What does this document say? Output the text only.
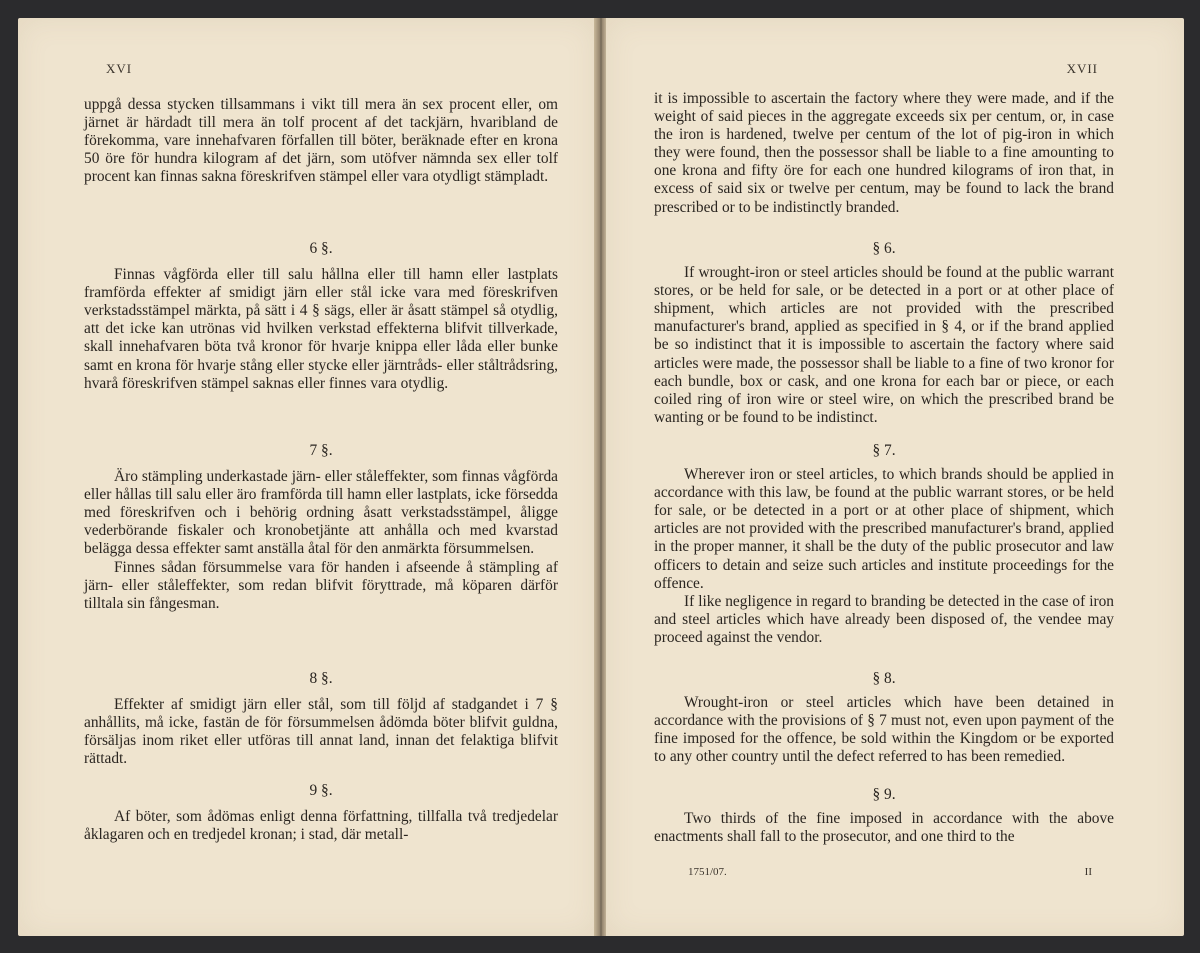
XVI

uppgå dessa stycken tillsammans i vikt till mera än sex procent eller, om järnet är härdadt till mera än tolf procent af det tackjärn, hvaribland de förekomma, vare innehafvaren förfallen till böter, beräknade efter en krona 50 öre för hundra kilogram af det järn, som utöfver nämnda sex eller tolf procent kan finnas sakna föreskrifven stämpel eller vara otydligt stämpladt.

6 §.

Finnas vågförda eller till salu hållna eller till hamn eller lastplats framförda effekter af smidigt järn eller stål icke vara med föreskrifven verkstadsstämpel märkta, på sätt i 4 § sägs, eller är åsatt stämpel så otydlig, att det icke kan utrönas vid hvilken verkstad effekterna blifvit tillverkade, skall innehafvaren böta två kronor för hvarje knippa eller låda eller bunke samt en krona för hvarje stång eller stycke eller järntråds- eller ståltrådsring, hvarå föreskrifven stämpel saknas eller finnes vara otydlig.

7 §.

Äro stämpling underkastade järn- eller ståleffekter, som finnas vågförda eller hållas till salu eller äro framförda till hamn eller lastplats, icke försedda med föreskrifven och i behörig ordning åsatt verkstadsstämpel, åligge vederbörande fiskaler och kronobetjänte att anhålla och med kvarstad belägga dessa effekter samt anställa åtal för den anmärkta försummelsen.

Finnes sådan försummelse vara för handen i afseende å stämpling af järn- eller ståleffekter, som redan blifvit föryttrade, må köparen därför tilltala sin fångesman.

8 §.

Effekter af smidigt järn eller stål, som till följd af stadgandet i 7 § anhållits, må icke, fastän de för försummelsen ådömda böter blifvit guldna, försäljas inom riket eller utföras till annat land, innan det felaktiga blifvit rättadt.

9 §.

Af böter, som ådömas enligt denna författning, tillfalla två tredjedelar åklagaren och en tredjedel kronan; i stad, där metall-

XVII

it is impossible to ascertain the factory where they were made, and if the weight of said pieces in the aggregate exceeds six per centum, or, in case the iron is hardened, twelve per centum of the lot of pig-iron in which they were found, then the possessor shall be liable to a fine amounting to one krona and fifty öre for each one hundred kilograms of iron that, in excess of said six or twelve per centum, may be found to lack the brand prescribed or to be indistinctly branded.

§ 6.

If wrought-iron or steel articles should be found at the public warrant stores, or be held for sale, or be detected in a port or at other place of shipment, which articles are not provided with the prescribed manufacturer's brand, applied as specified in § 4, or if the brand applied be so indistinct that it is impossible to ascertain the factory where said articles were made, the possessor shall be liable to a fine of two kronor for each bundle, box or cask, and one krona for each bar or piece, or each coiled ring of iron wire or steel wire, on which the prescribed brand be wanting or be found to be indistinct.

§ 7.

Wherever iron or steel articles, to which brands should be applied in accordance with this law, be found at the public warrant stores, or be held for sale, or be detected in a port or at other place of shipment, which articles are not provided with the prescribed manufacturer's brand, applied in the proper manner, it shall be the duty of the public prosecutor and law officers to detain and seize such articles and institute proceedings for the offence.

If like negligence in regard to branding be detected in the case of iron and steel articles which have already been disposed of, the vendee may proceed against the vendor.

§ 8.

Wrought-iron or steel articles which have been detained in accordance with the provisions of § 7 must not, even upon payment of the fine imposed for the offence, be sold within the Kingdom or be exported to any other country until the defect referred to has been remedied.

§ 9.

Two thirds of the fine imposed in accordance with the above enactments shall fall to the prosecutor, and one third to the

1751/07.	II
